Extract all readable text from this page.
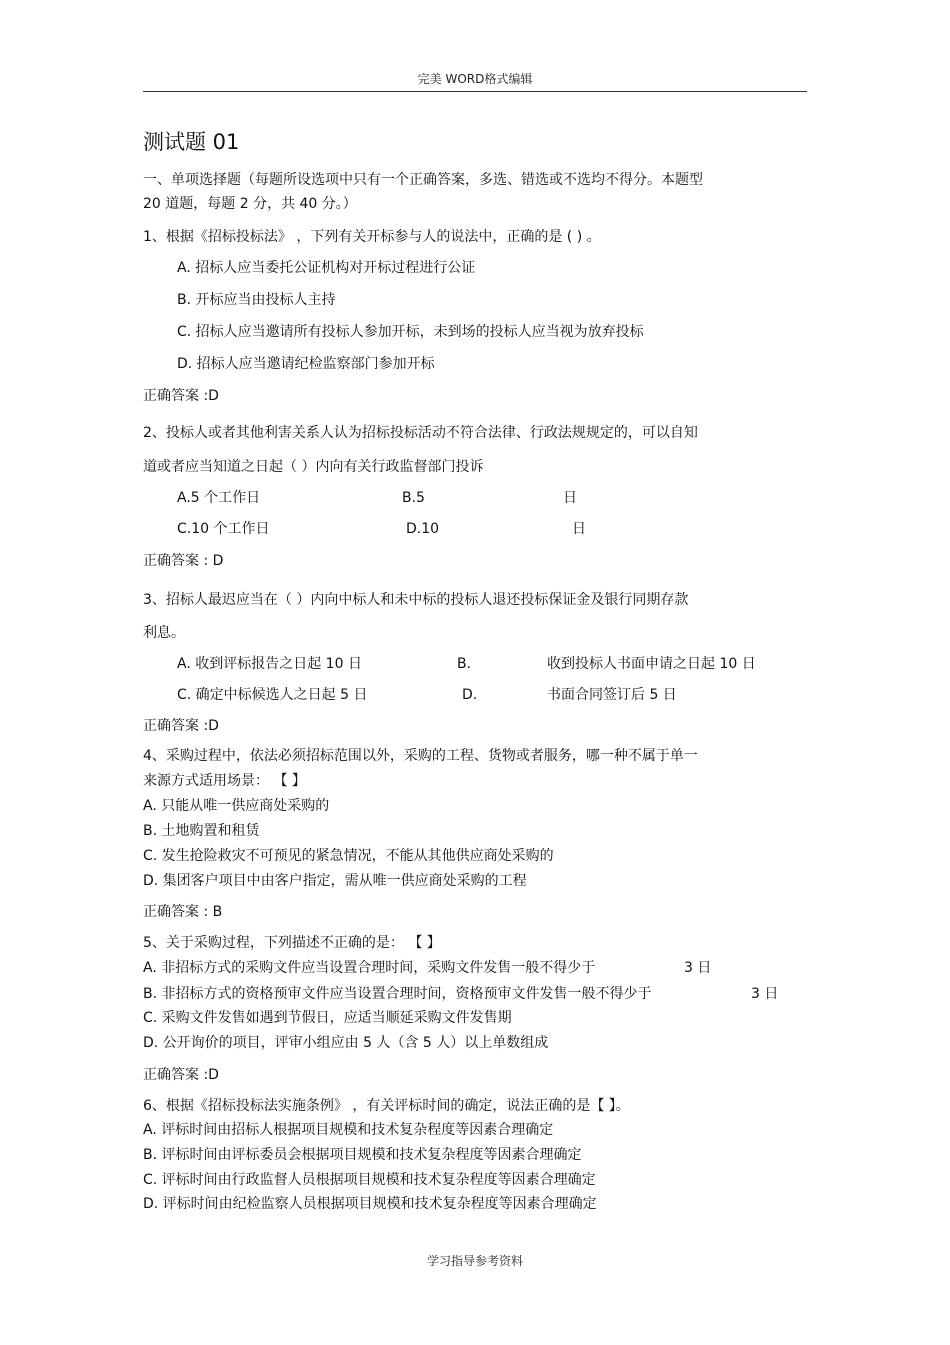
完美 WORD格式编辑
测试题 01
一、单项选择题（每题所设选项中只有一个正确答案，多选、错选或不选均不得分。本题型
20 道题，每题 2 分，共 40 分。）
1、根据《招标投标法》 ，下列有关开标参与人的说法中，正确的是 ( ) 。
A. 招标人应当委托公证机构对开标过程进行公证
B. 开标应当由投标人主持
C. 招标人应当邀请所有投标人参加开标，未到场的投标人应当视为放弃投标
D. 招标人应当邀请纪检监察部门参加开标
正确答案 :D
2、投标人或者其他利害关系人认为招标投标活动不符合法律、行政法规规定的，可以自知
道或者应当知道之日起（ ）内向有关行政监督部门投诉
A.5 个工作日	B.5	日
C.10 个工作日	D.10	日
正确答案 : D
3、招标人最迟应当在（ ）内向中标人和未中标的投标人退还投标保证金及银行同期存款
利息。
A. 收到评标报告之日起 10 日	B.	收到投标人书面申请之日起 10 日
C. 确定中标候选人之日起 5 日	D.	书面合同签订后 5 日
正确答案 :D
4、采购过程中，依法必须招标范围以外，采购的工程、货物或者服务，哪一种不属于单一
来源方式适用场景： 【 】
A. 只能从唯一供应商处采购的
B. 土地购置和租赁
C. 发生抢险救灾不可预见的紧急情况，不能从其他供应商处采购的
D. 集团客户项目中由客户指定，需从唯一供应商处采购的工程
正确答案 : B
5、关于采购过程，下列描述不正确的是： 【 】
A. 非招标方式的采购文件应当设置合理时间，采购文件发售一般不得少于	3 日
B. 非招标方式的资格预审文件应当设置合理时间，资格预审文件发售一般不得少于	3 日
C. 采购文件发售如遇到节假日，应适当顺延采购文件发售期
D. 公开询价的项目，评审小组应由 5 人（含 5 人）以上单数组成
正确答案 :D
6、根据《招标投标法实施条例》 ，有关评标时间的确定，说法正确的是【 】。
A. 评标时间由招标人根据项目规模和技术复杂程度等因素合理确定
B. 评标时间由评标委员会根据项目规模和技术复杂程度等因素合理确定
C. 评标时间由行政监督人员根据项目规模和技术复杂程度等因素合理确定
D. 评标时间由纪检监察人员根据项目规模和技术复杂程度等因素合理确定
学习指导参考资料
